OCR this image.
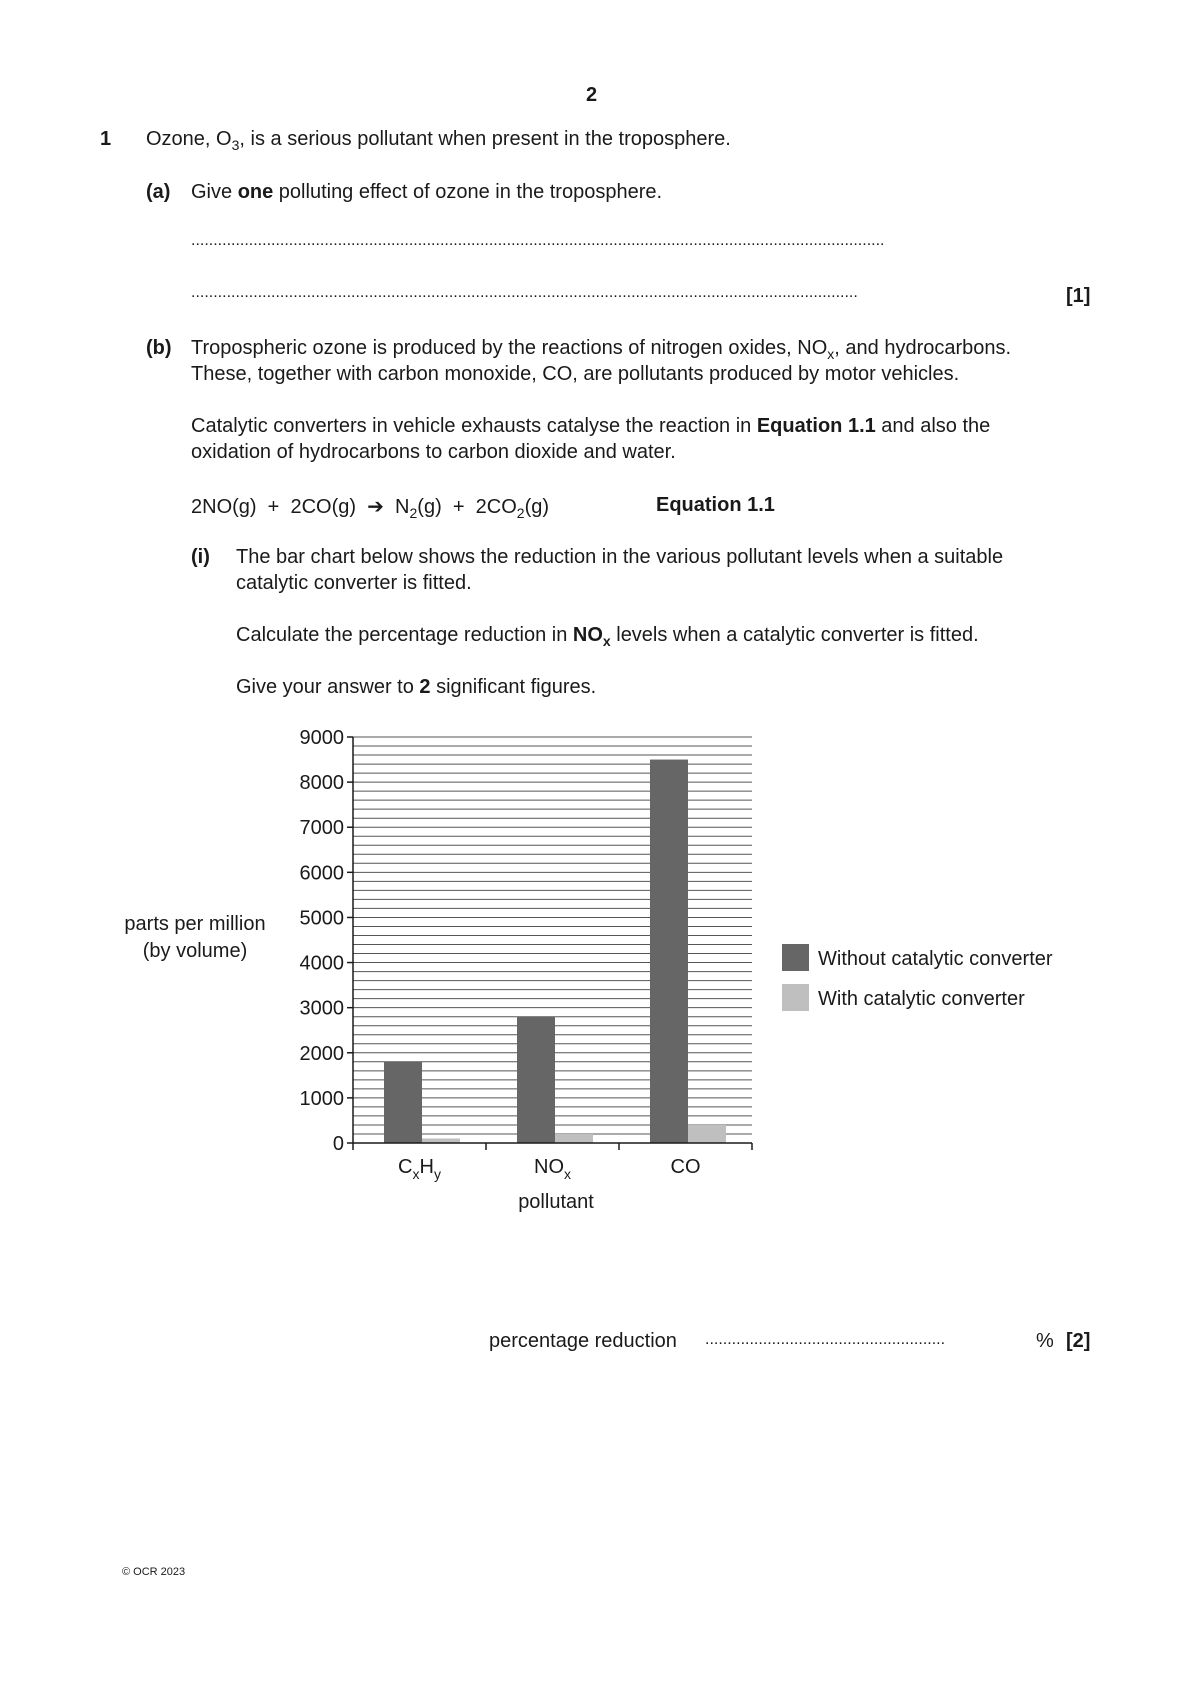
2
1 Ozone, $O_3$, is a serious pollutant when present in the troposphere.
(a) Give one polluting effect of ozone in the troposphere.
............................................................................................................................................................
......................................................................................................................................................	[1]
(b) Tropospheric ozone is produced by the reactions of nitrogen oxides, $NO_x$, and hydrocarbons.
These, together with carbon monoxide, CO, are pollutants produced by motor vehicles.
Catalytic converters in vehicle exhausts catalyse the reaction in Equation 1.1 and also the
oxidation of hydrocarbons to carbon dioxide and water.
2NO(g)  +  2CO(g)  ➔  $N_2(g) + 2CO_2(g)$	Equation 1.1
(i) The bar chart below shows the reduction in the various pollutant levels when a suitable
catalytic converter is fitted.
Calculate the percentage reduction in $NO_x$ levels when a catalytic converter is fitted.
Give your answer to 2 significant figures.
0
1000
2000
3000
4000
5000
6000
7000
8000
9000
$C_xH_y$	$NO_x$	CO
pollutant
parts per million
(by volume)	Without catalytic converter
With catalytic converter
percentage reduction ......................................................	% [2]
© OCR 2023
